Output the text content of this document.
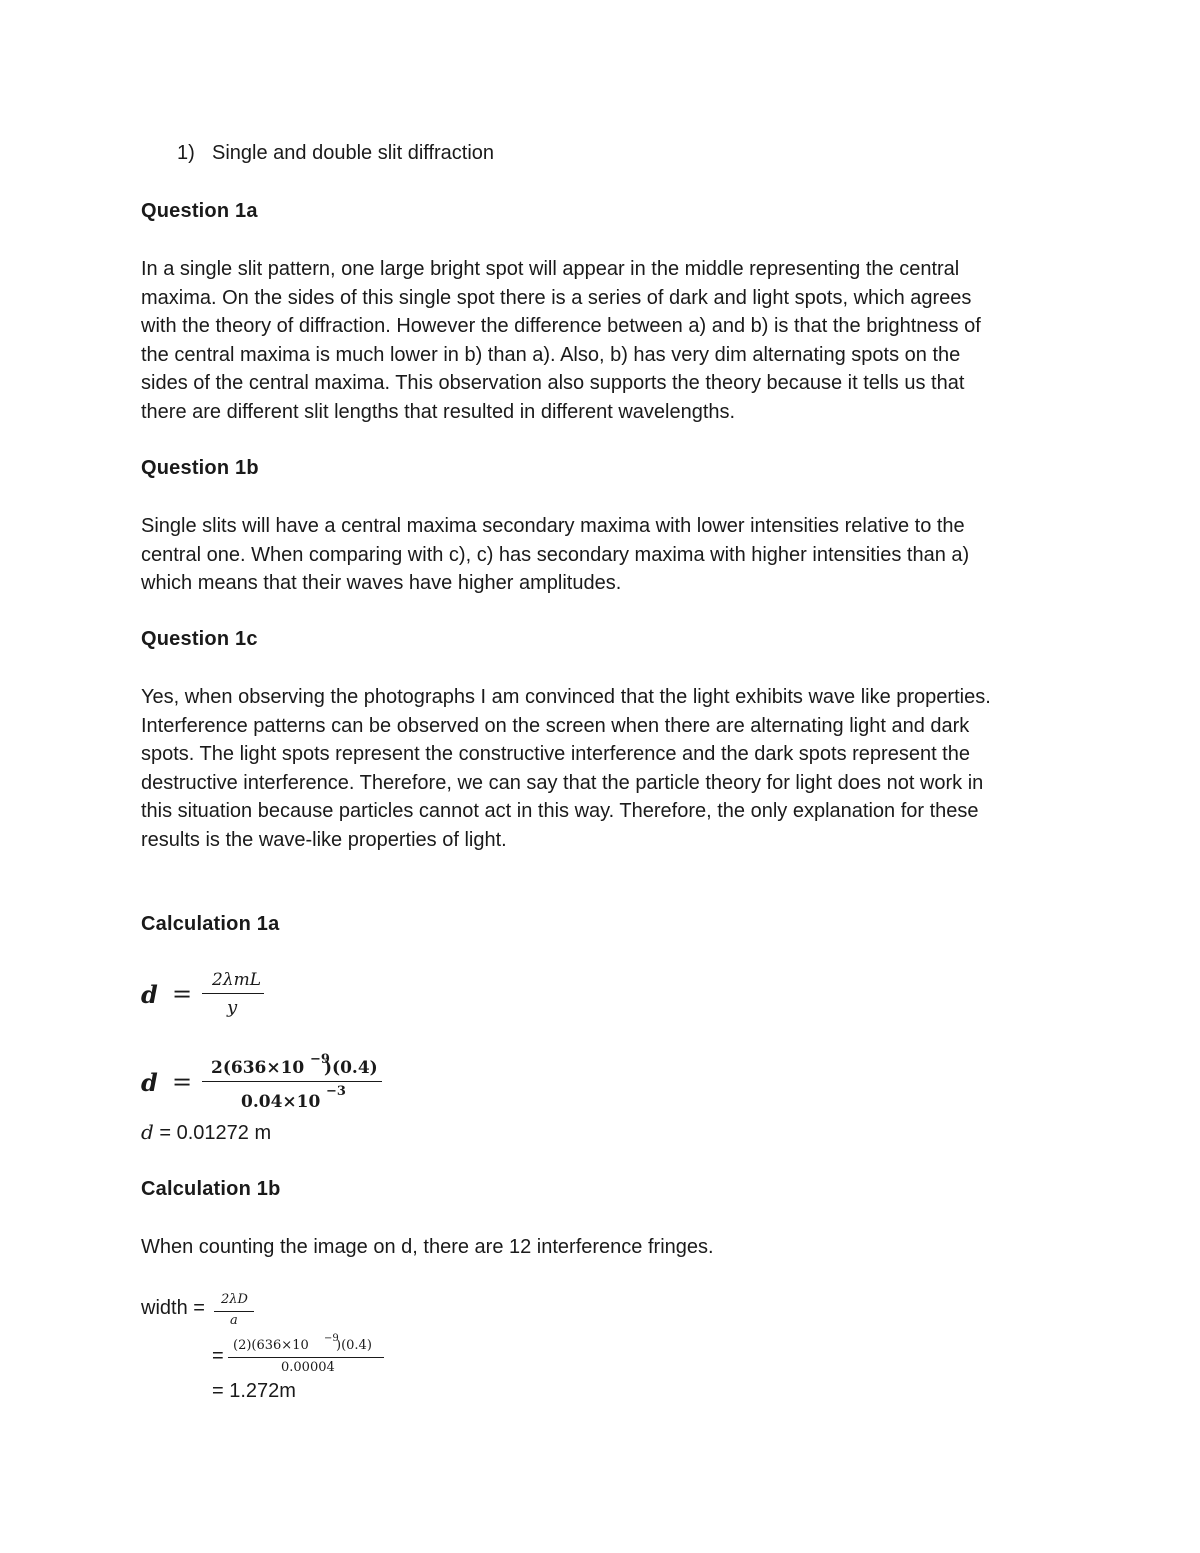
1) Single and double slit diffraction
Question 1a
In a single slit pattern, one large bright spot will appear in the middle representing the central
maxima. On the sides of this single spot there is a series of dark and light spots, which agrees
with the theory of diffraction. However the difference between a) and b) is that the brightness of
the central maxima is much lower in b) than a). Also, b) has very dim alternating spots on the
sides of the central maxima. This observation also supports the theory because it tells us that
there are different slit lengths that resulted in different wavelengths.
Question 1b
Single slits will have a central maxima secondary maxima with lower intensities relative to the
central one. When comparing with c), c) has secondary maxima with higher intensities than a)
which means that their waves have higher amplitudes.
Question 1c
Yes, when observing the photographs I am convinced that the light exhibits wave like properties.
Interference patterns can be observed on the screen when there are alternating light and dark
spots. The light spots represent the constructive interference and the dark spots represent the
destructive interference. Therefore, we can say that the particle theory for light does not work in
this situation because particles cannot act in this way. Therefore, the only explanation for these
results is the wave-like properties of light.
Calculation 1a
d = 2λmL
y
d = 2(636×10 −9
)(0.4)
0.04×10
−3
d = 0.01272 m
Calculation 1b
When counting the image on d, there are 12 interference fringes.
width = 2λD
a
= (2)(636×10 −9
)(0.4)
0.00004
= 1.272m
